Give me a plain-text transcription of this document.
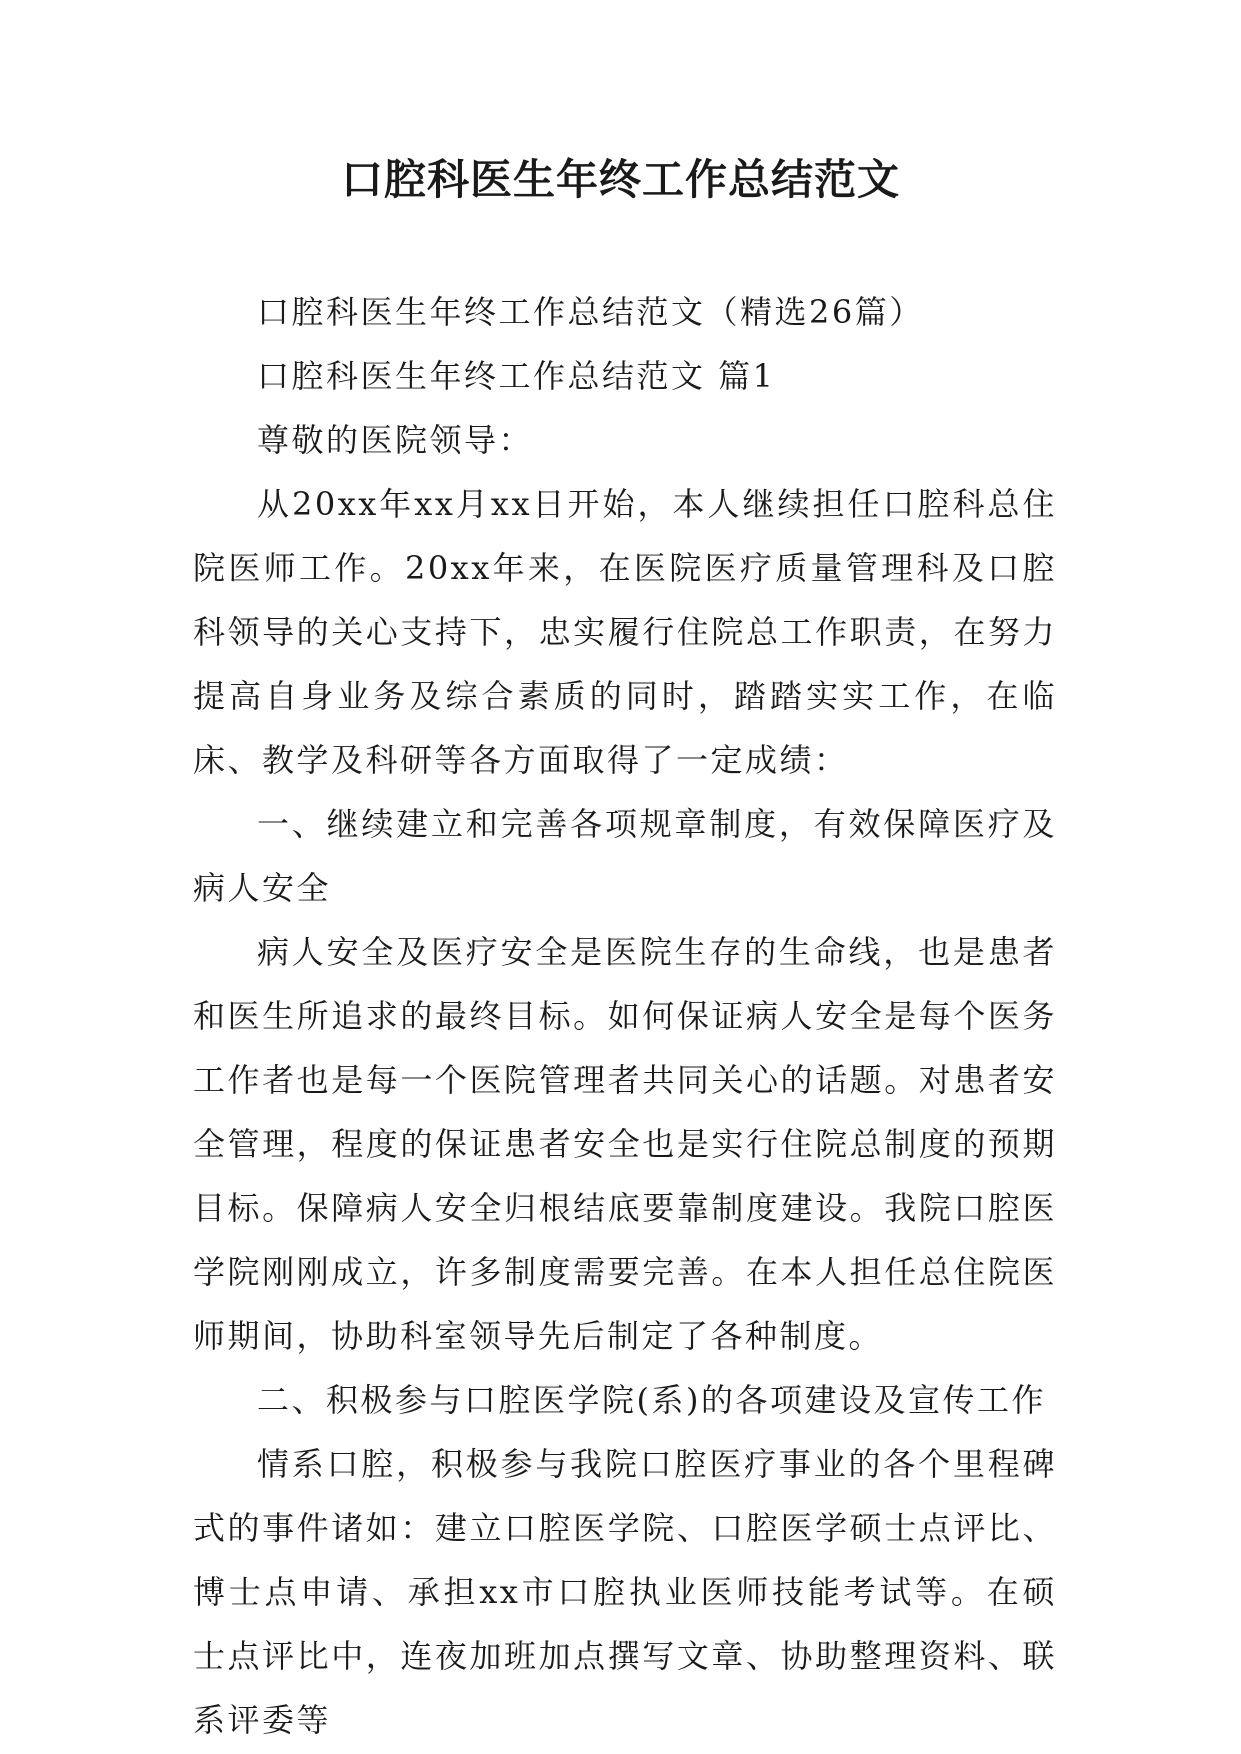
口腔科医生年终工作总结范文

口腔科医生年终工作总结范文（精选26篇）

口腔科医生年终工作总结范文 篇1

尊敬的医院领导：

从20xx年xx月xx日开始，本人继续担任口腔科总住院医师工作。20xx年来，在医院医疗质量管理科及口腔科领导的关心支持下，忠实履行住院总工作职责，在努力提高自身业务及综合素质的同时，踏踏实实工作，在临床、教学及科研等各方面取得了一定成绩：

一、继续建立和完善各项规章制度，有效保障医疗及病人安全

病人安全及医疗安全是医院生存的生命线，也是患者和医生所追求的最终目标。如何保证病人安全是每个医务工作者也是每一个医院管理者共同关心的话题。对患者安全管理，程度的保证患者安全也是实行住院总制度的预期目标。保障病人安全归根结底要靠制度建设。我院口腔医学院刚刚成立，许多制度需要完善。在本人担任总住院医师期间，协助科室领导先后制定了各种制度。

二、积极参与口腔医学院(系)的各项建设及宣传工作

情系口腔，积极参与我院口腔医疗事业的各个里程碑式的事件诸如：建立口腔医学院、口腔医学硕士点评比、博士点申请、承担xx市口腔执业医师技能考试等。在硕士点评比中，连夜加班加点撰写文章、协助整理资料、联系评委等
